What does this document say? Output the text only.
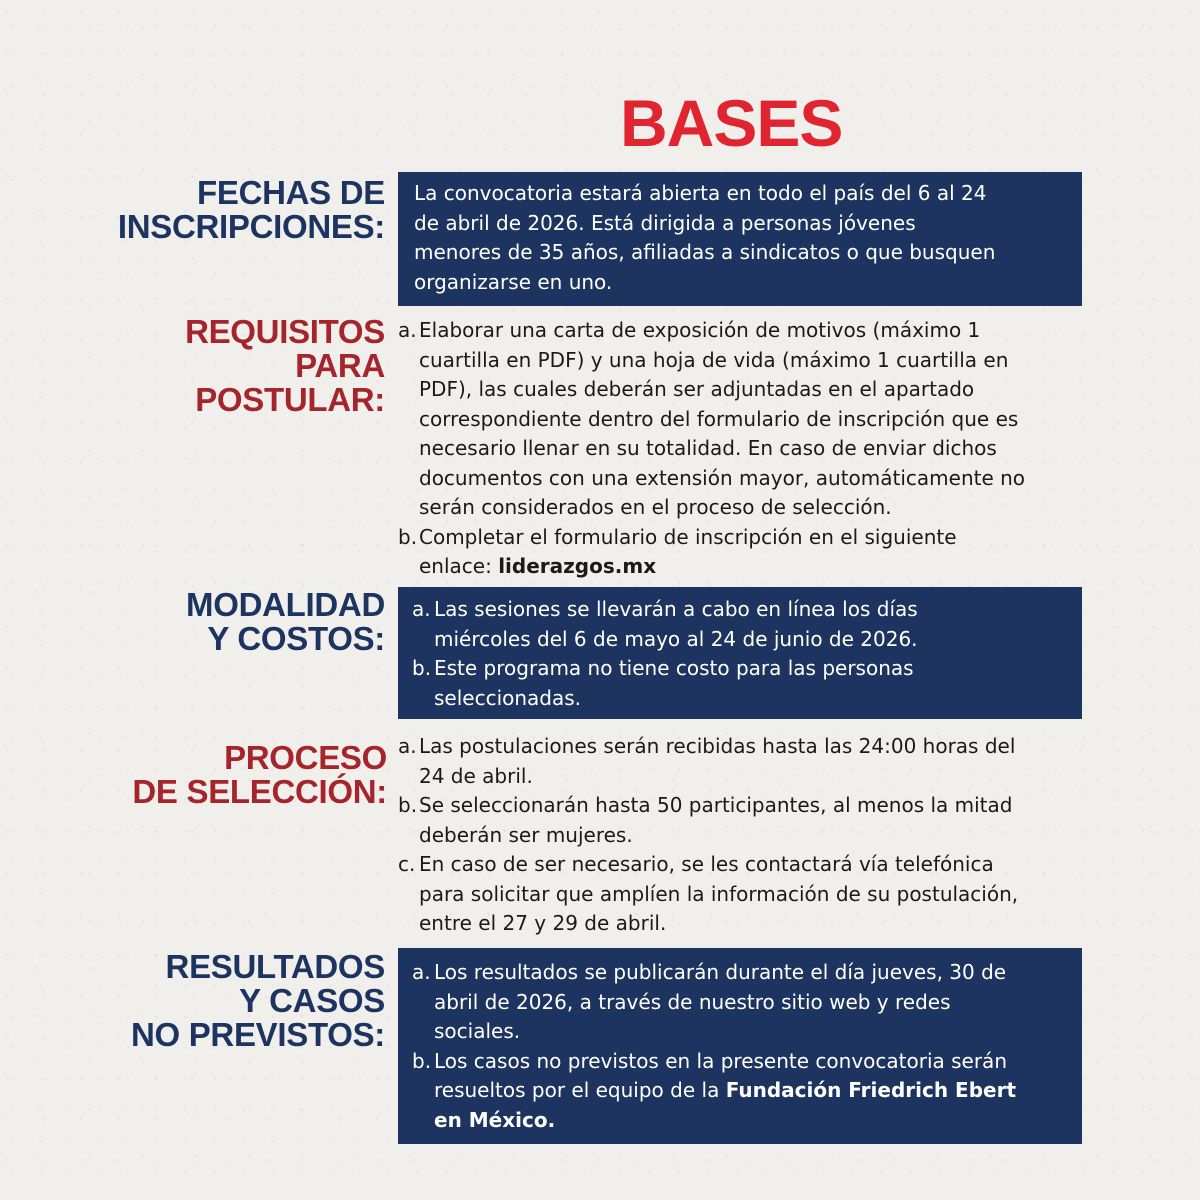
BASES
FECHAS DE
INSCRIPCIONES:

La convocatoria estará abierta en todo el país del 6 al 24

de abril de 2026. Está dirigida a personas jóvenes

menores de 35 años, afiliadas a sindicatos o que busquen

organizarse en uno.

REQUISITOS
PARA
POSTULAR:
a. Elaborar una carta de exposición de motivos (máximo 1
cuartilla en PDF) y una hoja de vida (máximo 1 cuartilla en
PDF), las cuales deberán ser adjuntadas en el apartado
correspondiente dentro del formulario de inscripción que es
necesario llenar en su totalidad. En caso de enviar dichos
documentos con una extensión mayor, automáticamente no
serán considerados en el proceso de selección.
b. Completar el formulario de inscripción en el siguiente
enlace: liderazgos.mx
MODALIDAD
Y COSTOS:
a. Las sesiones se llevarán a cabo en línea los días
miércoles del 6 de mayo al 24 de junio de 2026.
b. Este programa no tiene costo para las personas
seleccionadas.
PROCESO
DE SELECCIÓN:
a. Las postulaciones serán recibidas hasta las 24:00 horas del
24 de abril.
b. Se seleccionarán hasta 50 participantes, al menos la mitad
deberán ser mujeres.
c. En caso de ser necesario, se les contactará vía telefónica
para solicitar que amplíen la información de su postulación,
entre el 27 y 29 de abril.
RESULTADOS
Y CASOS
NO PREVISTOS:
a. Los resultados se publicarán durante el día jueves, 30 de
abril de 2026, a través de nuestro sitio web y redes
sociales.
b. Los casos no previstos en la presente convocatoria serán
resueltos por el equipo de la Fundación Friedrich Ebert
en México.
